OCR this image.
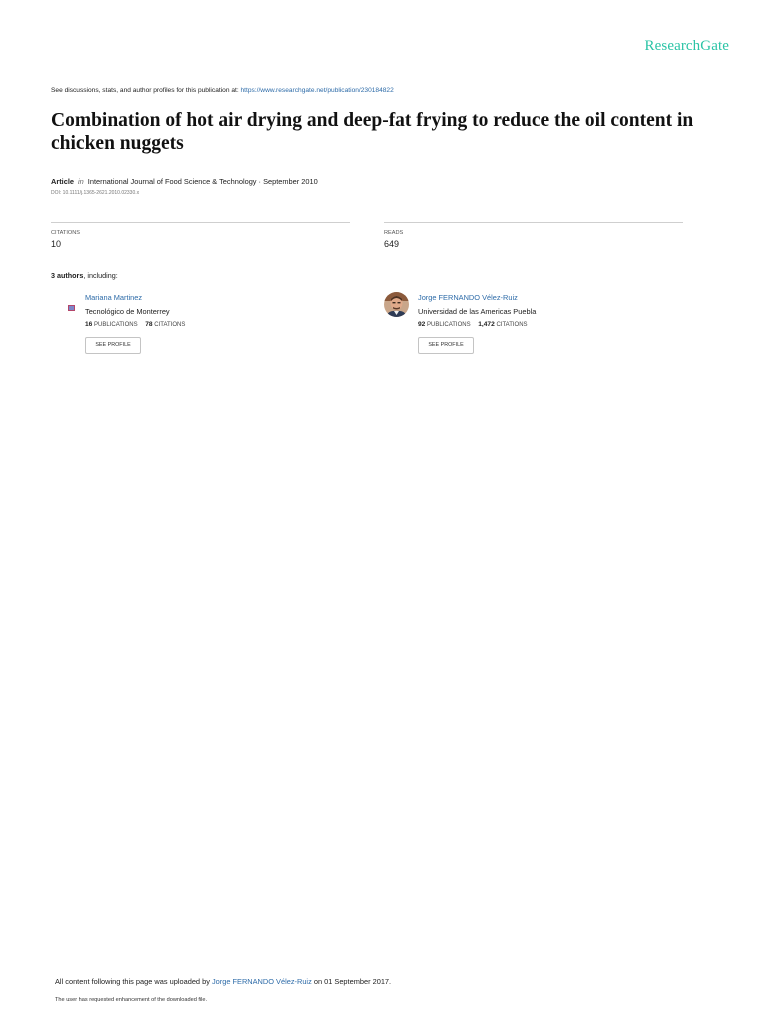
ResearchGate
See discussions, stats, and author profiles for this publication at: https://www.researchgate.net/publication/230184822
Combination of hot air drying and deep-fat frying to reduce the oil content in chicken nuggets
Article in International Journal of Food Science & Technology · September 2010
DOI: 10.1111/j.1365-2621.2010.02330.x
CITATIONS
10
READS
649
3 authors, including:
Mariana Martinez
Tecnológico de Monterrey
16 PUBLICATIONS 78 CITATIONS
SEE PROFILE
Jorge FERNANDO Vélez-Ruiz
Universidad de las Americas Puebla
92 PUBLICATIONS 1,472 CITATIONS
SEE PROFILE
All content following this page was uploaded by Jorge FERNANDO Vélez-Ruiz on 01 September 2017.
The user has requested enhancement of the downloaded file.
